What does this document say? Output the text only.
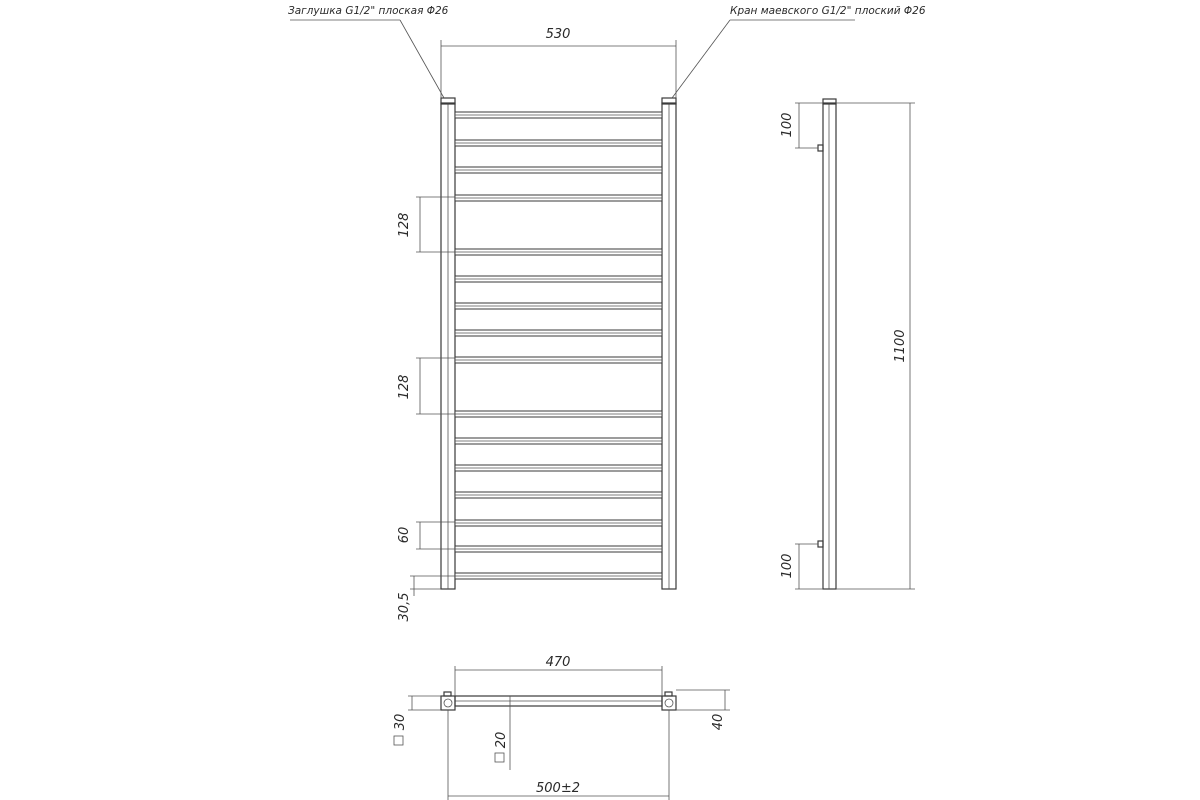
530
Заглушка G1/2" плоская Φ26	Кран маевского G1/2" плоский Φ26
128
128
60
30,5
1100
100
100
470
500±2
40
30
20
